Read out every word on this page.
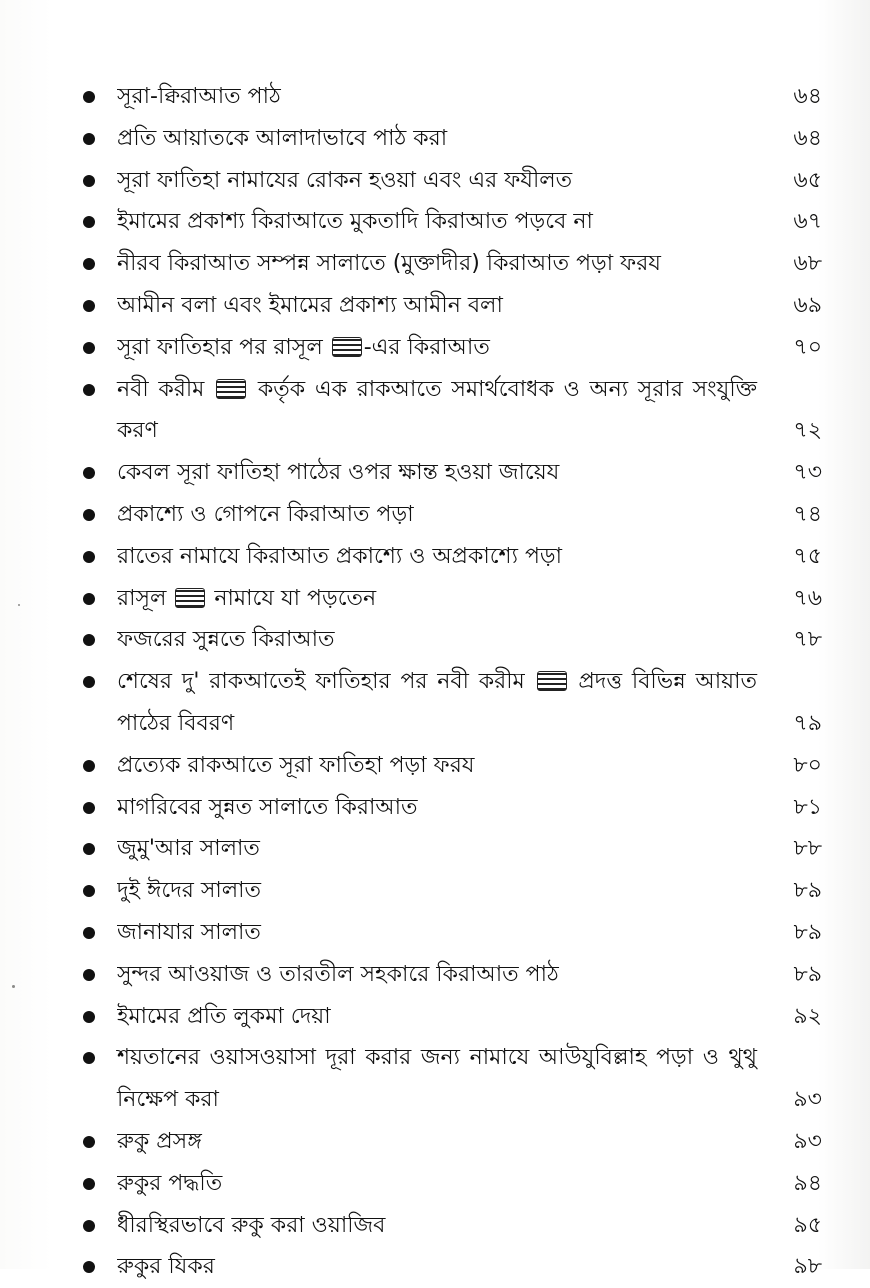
সূরা-ক্বিরাআত পাঠ	৬৪
প্রতি আয়াতকে আলাদাভাবে পাঠ করা	৬৪
সূরা ফাতিহা নামাযের রোকন হওয়া এবং এর ফযীলত	৬৫
ইমামের প্রকাশ্য কিরাআতে মুকতাদি কিরাআত পড়বে না	৬৭
নীরব কিরাআত সম্পন্ন সালাতে (মুক্তাদীর) কিরাআত পড়া ফরয	৬৮
আমীন বলা এবং ইমামের প্রকাশ্য আমীন বলা	৬৯
সূরা ফাতিহার পর রাসূল -এর কিরাআত	৭০
নবী করীম  কর্তৃক এক রাকআতে সমার্থবোধক ও অন্য সূরার সংযুক্তি করণ	৭২
কেবল সূরা ফাতিহা পাঠের ওপর ক্ষান্ত হওয়া জায়েয	৭৩
প্রকাশ্যে ও গোপনে কিরাআত পড়া	৭৪
রাতের নামাযে কিরাআত প্রকাশ্যে ও অপ্রকাশ্যে পড়া	৭৫
রাসূল  নামাযে যা পড়তেন	৭৬
ফজরের সুন্নতে কিরাআত	৭৮
শেষের দু' রাকআতেই ফাতিহার পর নবী করীম  প্রদত্ত বিভিন্ন আয়াত পাঠের বিবরণ	৭৯
প্রত্যেক রাকআতে সূরা ফাতিহা পড়া ফরয	৮০
মাগরিবের সুন্নত সালাতে কিরাআত	৮১
জুমু'আর সালাত	৮৮
দুই ঈদের সালাত	৮৯
জানাযার সালাত	৮৯
সুন্দর আওয়াজ ও তারতীল সহকারে কিরাআত পাঠ	৮৯
ইমামের প্রতি লুকমা দেয়া	৯২
শয়তানের ওয়াসওয়াসা দূরা করার জন্য নামাযে আউযুবিল্লাহ পড়া ও থুথু নিক্ষেপ করা	৯৩
রুকু প্রসঙ্গ	৯৩
রুকুর পদ্ধতি	৯৪
ধীরস্থিরভাবে রুকু করা ওয়াজিব	৯৫
রুকুর যিকর	৯৮
